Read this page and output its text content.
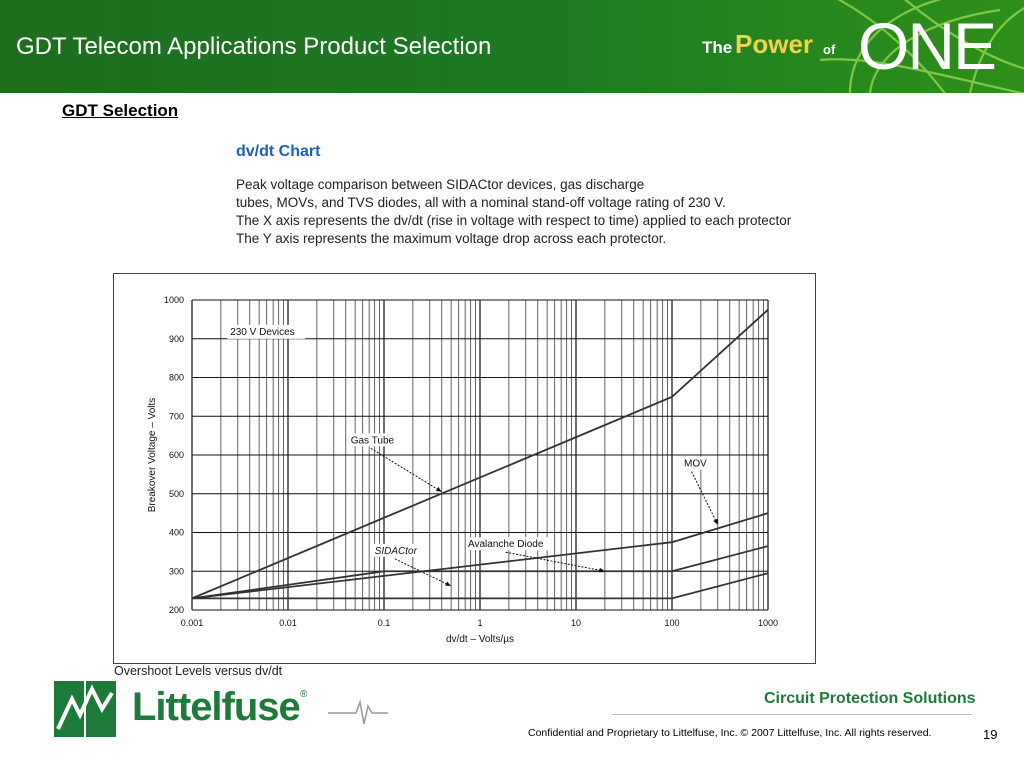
GDT Telecom Applications Product Selection	The Power of ONE
GDT Selection
dv/dt Chart
Peak voltage comparison between SIDACtor devices, gas discharge
tubes, MOVs, and TVS diodes, all with a nominal stand-off voltage rating of 230 V.
The X axis represents the dv/dt (rise in voltage with respect to time) applied to each protector
The Y axis represents the maximum voltage drop across each protector.
0.001	0.01	0.1	1	10	100	1000
200
300
400
500
600
700
800
900
1000
dv/dt – Volts/µs
Breakover Voltage – Volts
230 V Devices
Gas Tube
MOV
Avalanche Diode
SIDACtor
Overshoot Levels versus dv/dt
Littelfuse ®	Circuit Protection Solutions
Confidential and Proprietary to Littelfuse, Inc. © 2007 Littelfuse, Inc. All rights reserved.	19
